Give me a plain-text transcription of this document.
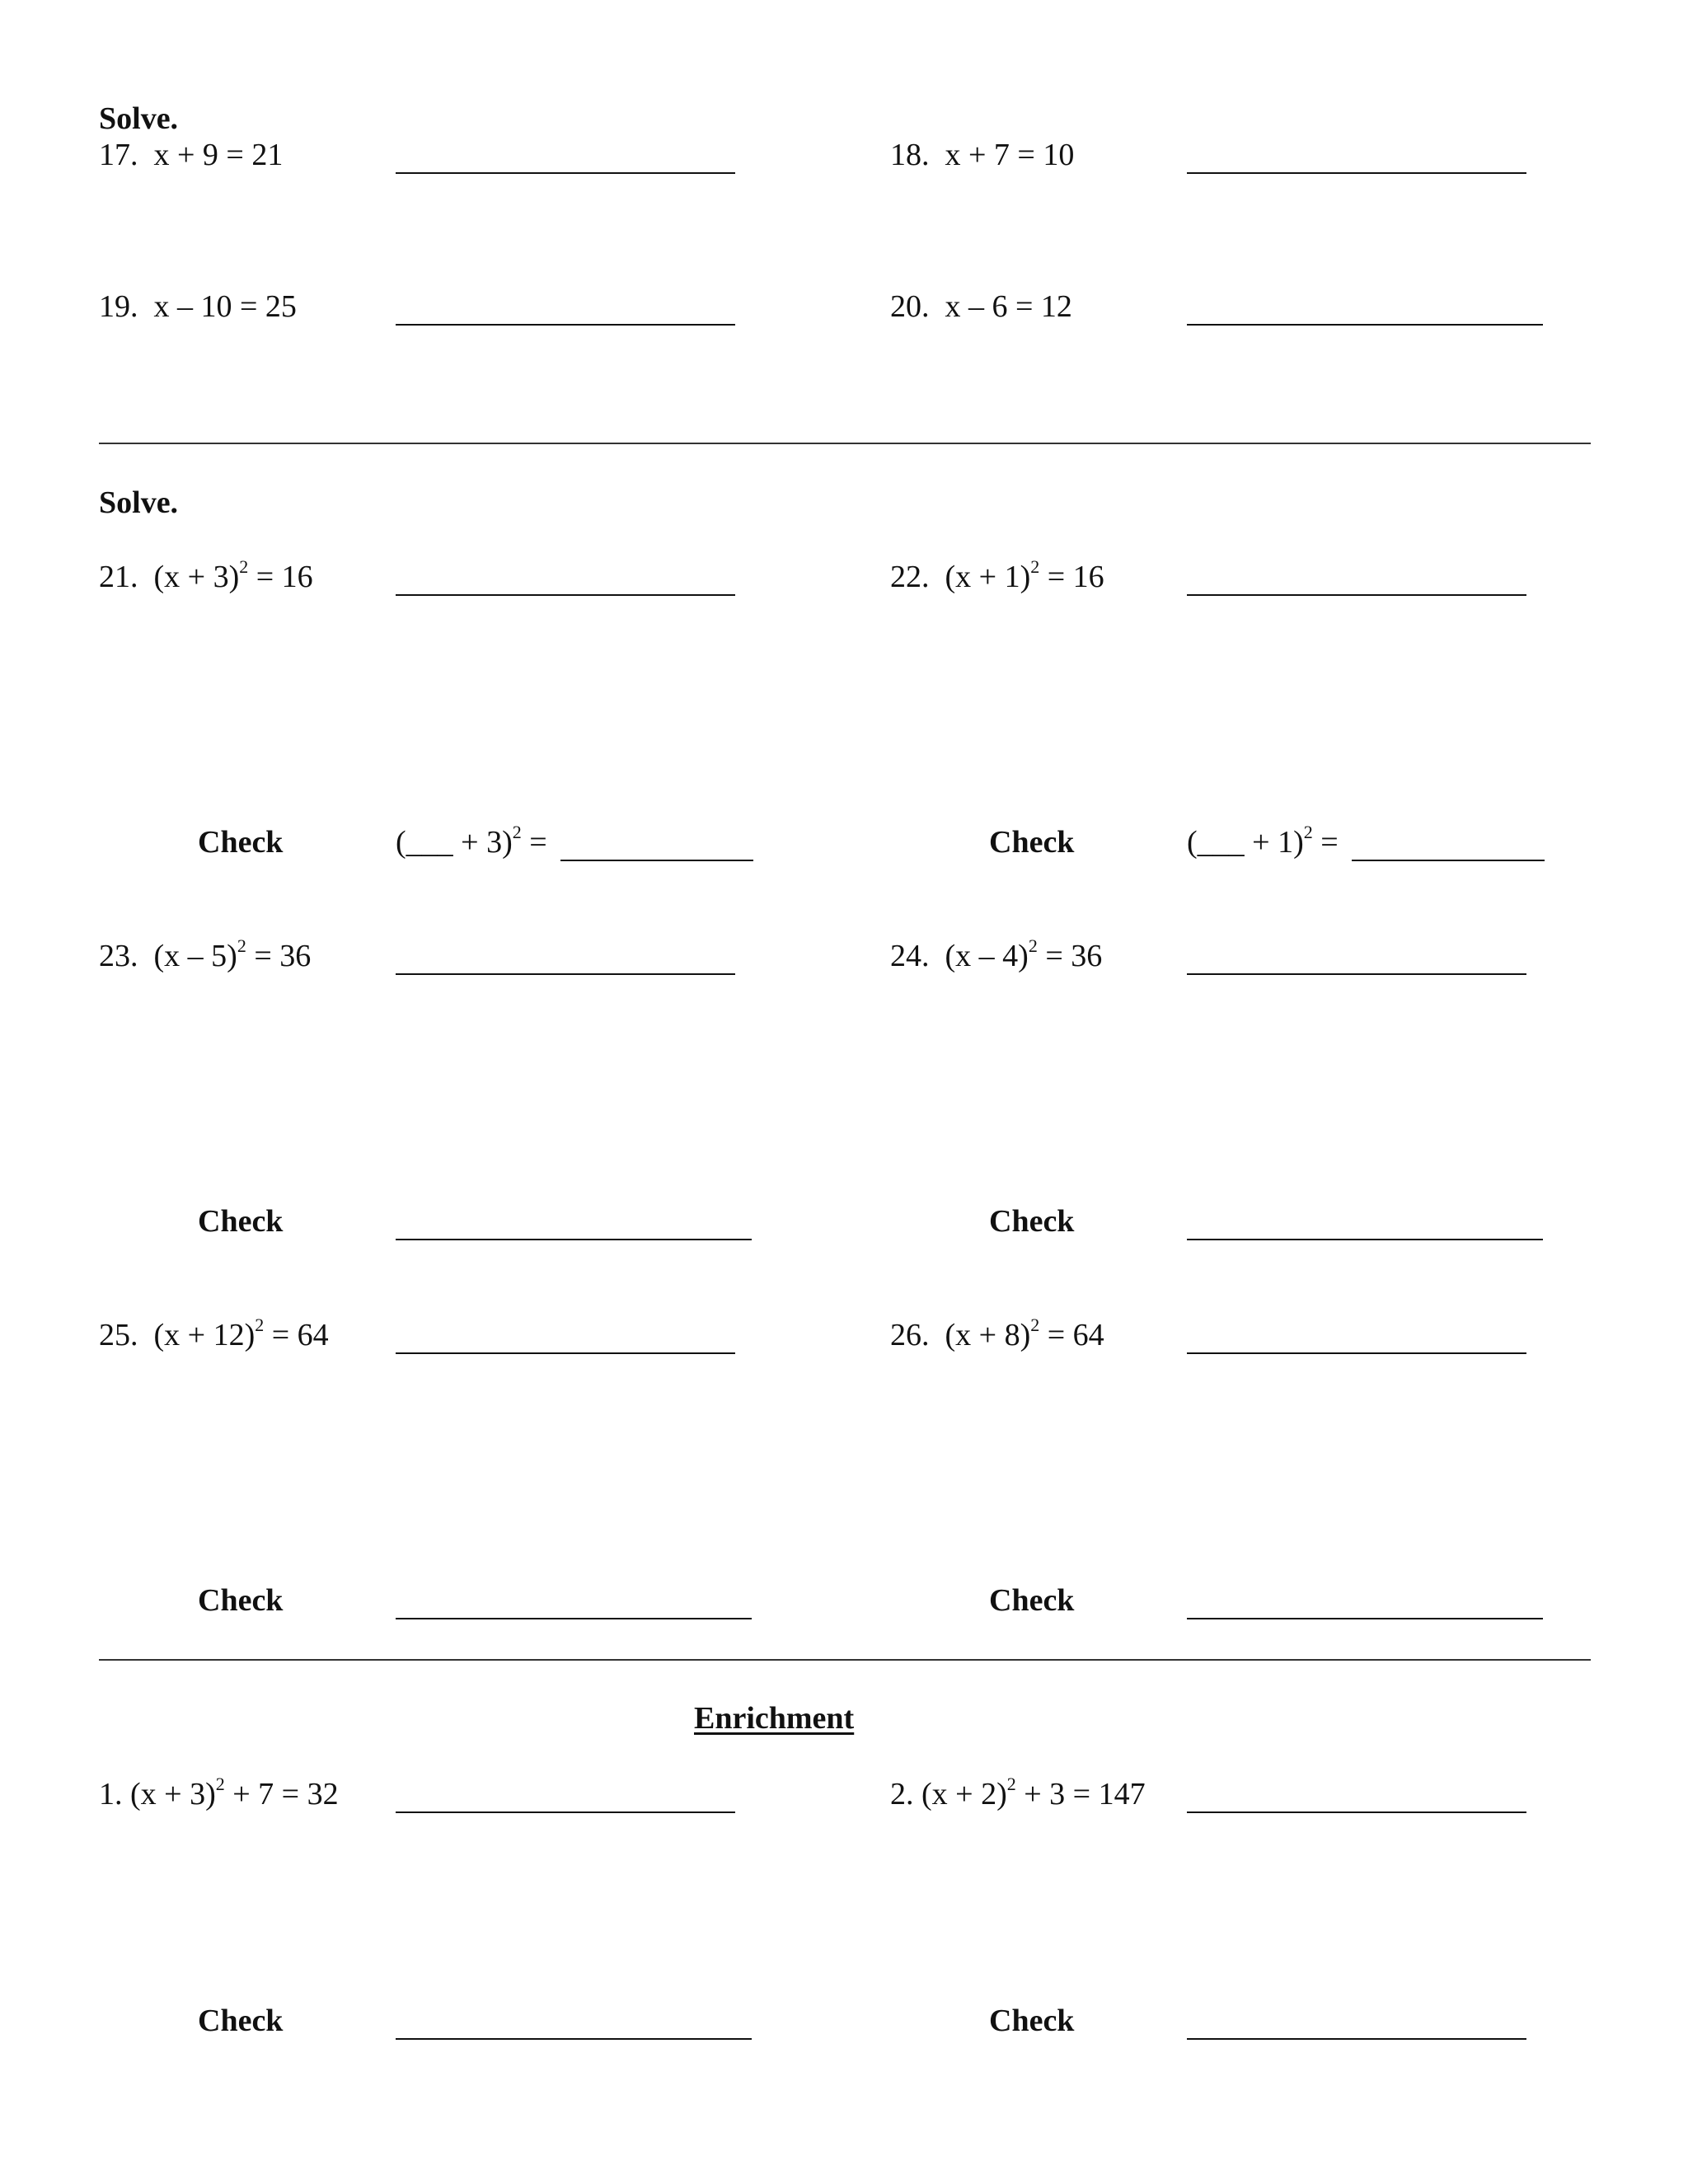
Solve.
17. x + 9 = 21	18. x + 7 = 10
19. x – 10 = 25	20. x – 6 = 12
Solve.
21. $(x + 3)^2 = 16$	22. $(x + 1)^2 = 16$
Check	(___ + 3)$^2$ =	Check	(___ + 1)$^2$ =
23. (x – 5)$^2$ = 36	24. (x – 4)$^2$ = 36
Check	Check
25. $(x + 12)^2 = 64$	26. $(x + 8)^2 = 64$
Check	Check
Enrichment
1. $(x + 3)^2 + 7 = 32$	2. $(x + 2)^2 + 3 = 147$
Check	Check
